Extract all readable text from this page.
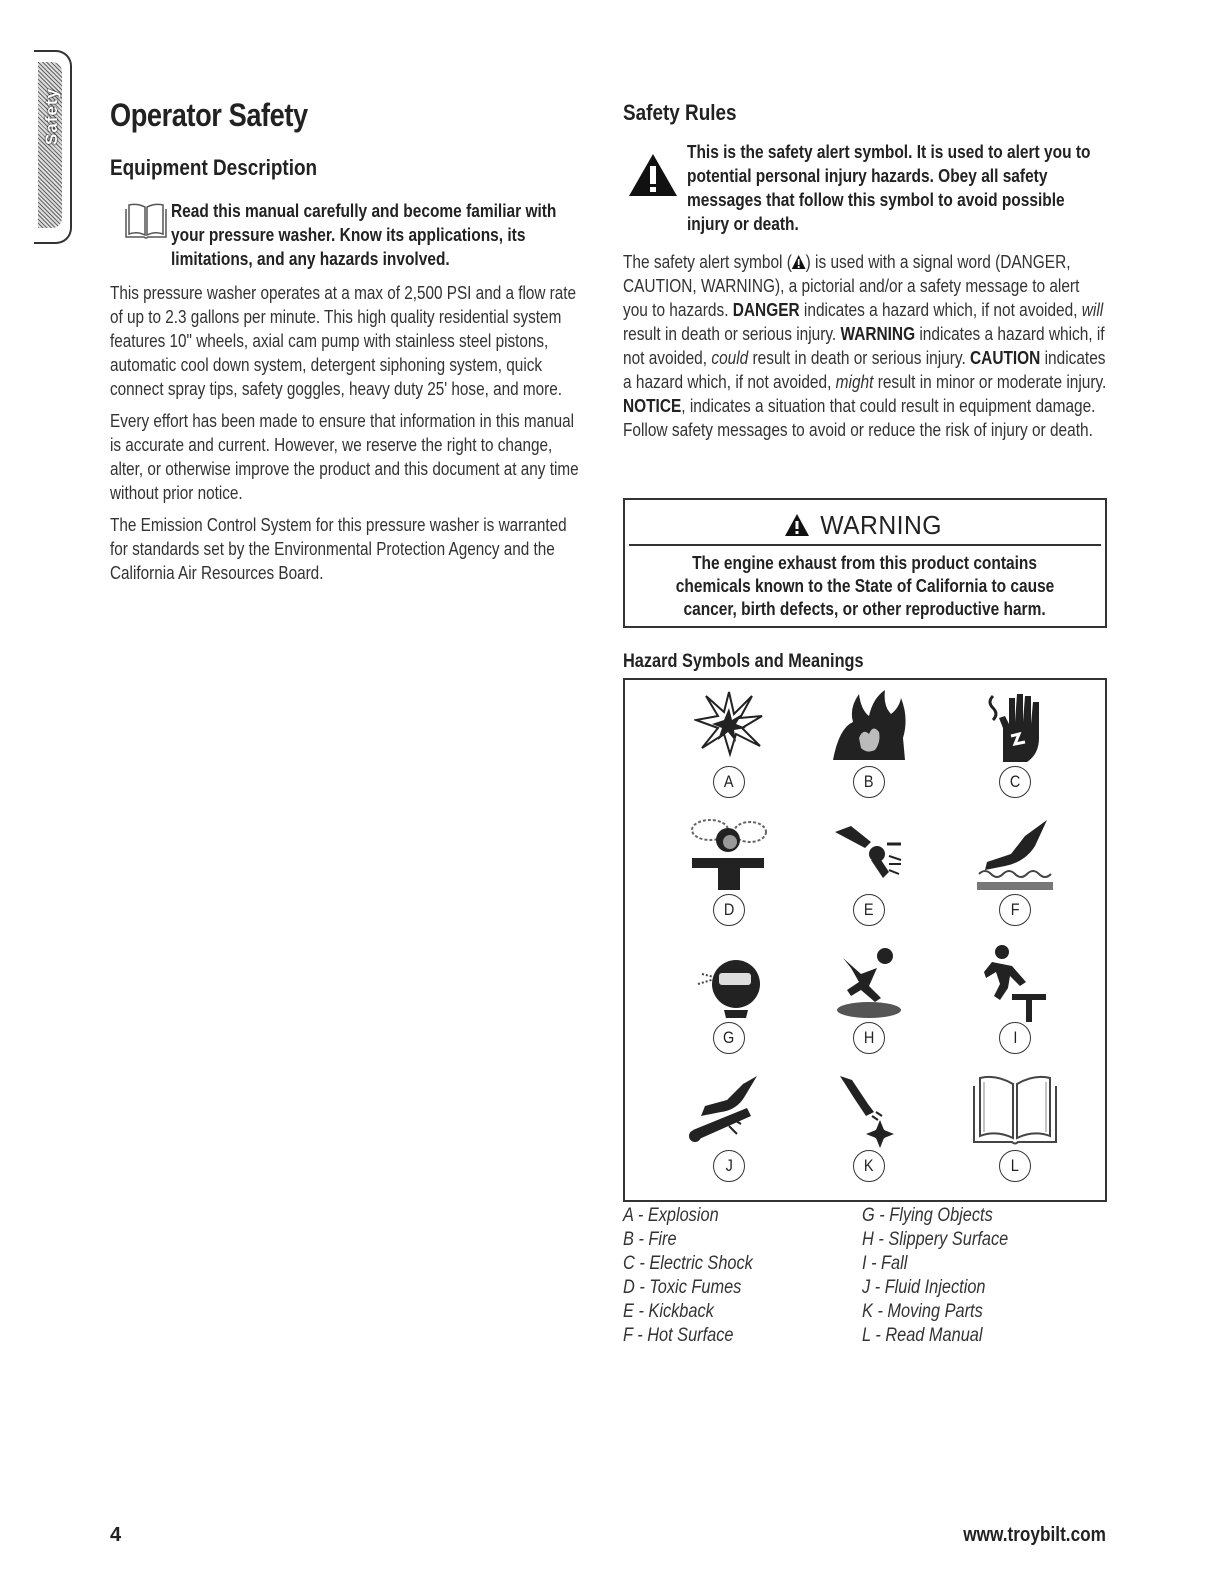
Safety Operator Safety
Equipment Description
Read this manual carefully and become familiar with your pressure washer. Know its applications, its limitations, and any hazards involved.

This pressure washer operates at a max of 2,500 PSI and a flow rate of up to 2.3 gallons per minute. This high quality residential system features 10" wheels, axial cam pump with stainless steel pistons, automatic cool down system, detergent siphoning system, quick connect spray tips, safety goggles, heavy duty 25' hose, and more.

Every effort has been made to ensure that information in this manual is accurate and current. However, we reserve the right to change, alter, or otherwise improve the product and this document at any time without prior notice.

The Emission Control System for this pressure washer is warranted for standards set by the Environmental Protection Agency and the California Air Resources Board.

Safety Rules
This is the safety alert symbol. It is used to alert you to potential personal injury hazards. Obey all safety messages that follow this symbol to avoid possible injury or death.

The safety alert symbol ( ) is used with a signal word (DANGER, CAUTION, WARNING), a pictorial and/or a safety message to alert you to hazards. DANGER indicates a hazard which, if not avoided, will result in death or serious injury. WARNING indicates a hazard which, if not avoided, could result in death or serious injury. CAUTION indicates a hazard which, if not avoided, might result in minor or moderate injury. NOTICE, indicates a situation that could result in equipment damage. Follow safety messages to avoid or reduce the risk of injury or death.

WARNING
The engine exhaust from this product contains
chemicals known to the State of California to cause
cancer, birth defects, or other reproductive harm.
Hazard Symbols and Meanings
A	B	C
D	E	F
G	H	I
J	K	L
A - Explosion
B - Fire
C - Electric Shock
D - Toxic Fumes
E - Kickback
F - Hot Surface
G - Flying Objects
H - Slippery Surface
I - Fall
J - Fluid Injection
K - Moving Parts
L - Read Manual
4	www.troybilt.com
